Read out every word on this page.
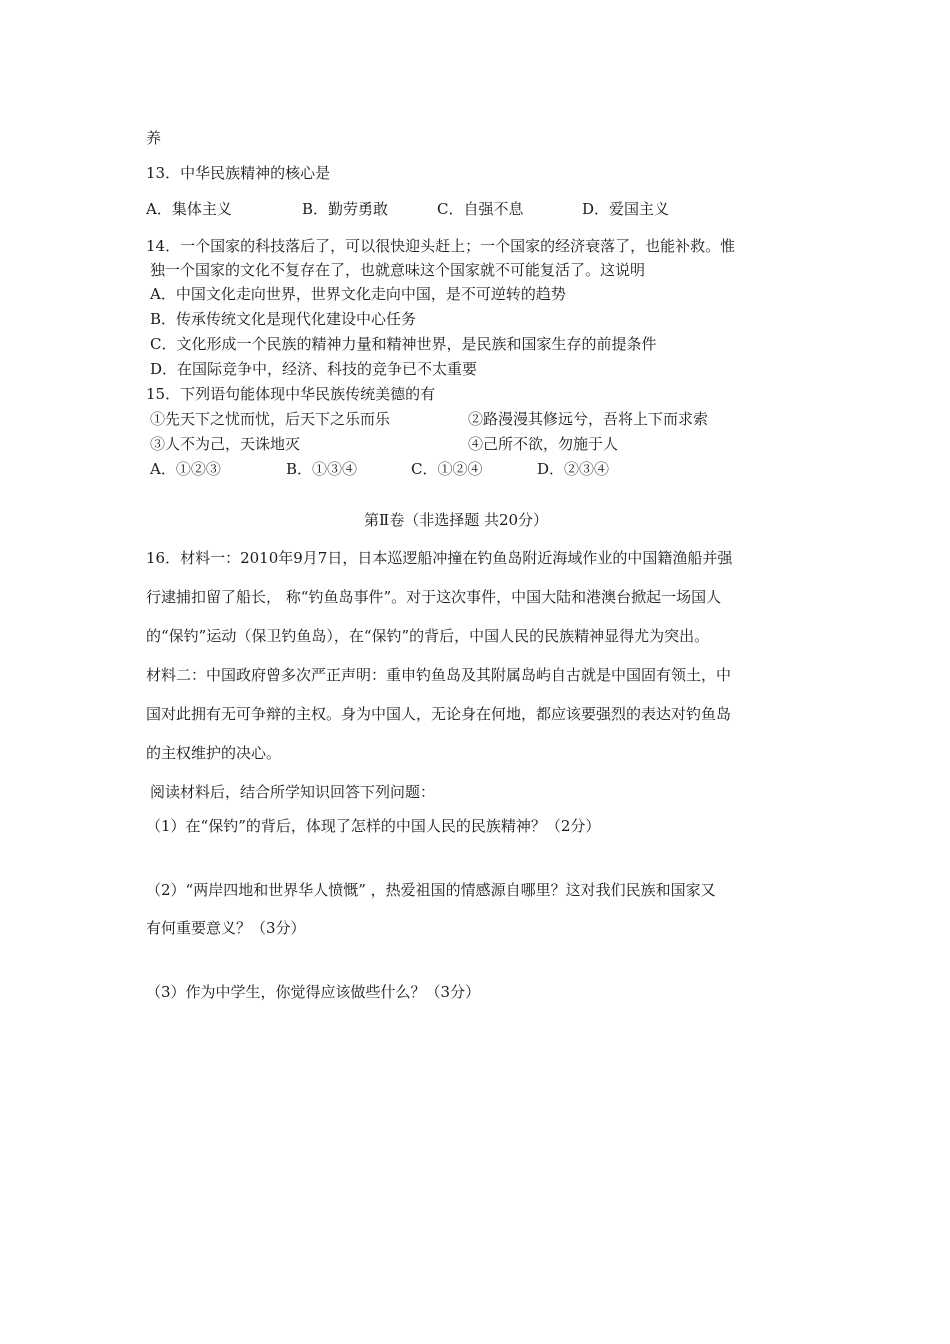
养
13．中华民族精神的核心是
A．集体主义	B．勤劳勇敢	C．自强不息	D．爱国主义
14．一个国家的科技落后了，可以很快迎头赶上；一个国家的经济衰落了，也能补救。惟
独一个国家的文化不复存在了，也就意味这个国家就不可能复活了。这说明
A．中国文化走向世界，世界文化走向中国，是不可逆转的趋势
B．传承传统文化是现代化建设中心任务
C．文化形成一个民族的精神力量和精神世界，是民族和国家生存的前提条件
D．在国际竞争中，经济、科技的竞争已不太重要
15．下列语句能体现中华民族传统美德的有
①先天下之忧而忧，后天下之乐而乐	②路漫漫其修远兮，吾将上下而求索
③人不为己，天诛地灭	④己所不欲，勿施于人
A．①②③	B．①③④	C．①②④	D．②③④
第Ⅱ卷（非选择题 共20分）
16．材料一：2010年9月7日，日本巡逻船冲撞在钓鱼岛附近海域作业的中国籍渔船并强
行逮捕扣留了船长， 称“钓鱼岛事件”。对于这次事件，中国大陆和港澳台掀起一场国人
的“保钓”运动（保卫钓鱼岛），在“保钓”的背后，中国人民的民族精神显得尤为突出。
材料二：中国政府曾多次严正声明：重申钓鱼岛及其附属岛屿自古就是中国固有领土，中
国对此拥有无可争辩的主权。身为中国人，无论身在何地，都应该要强烈的表达对钓鱼岛
的主权维护的决心。
阅读材料后，结合所学知识回答下列问题：
（1）在“保钓”的背后，体现了怎样的中国人民的民族精神？（2分）
（2）“两岸四地和世界华人愤慨” ，热爱祖国的情感源自哪里？这对我们民族和国家又
有何重要意义？（3分）
（3）作为中学生，你觉得应该做些什么？（3分）
